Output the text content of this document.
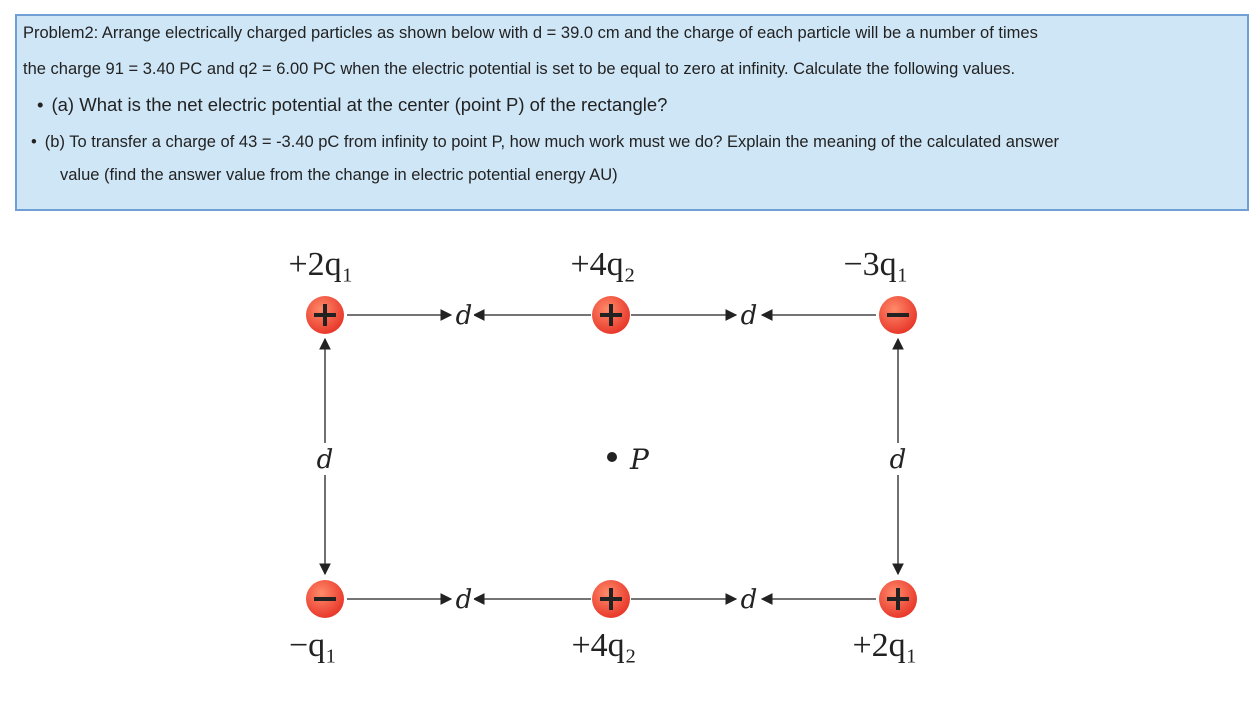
Problem2: Arrange electrically charged particles as shown below with d = 39.0 cm and the charge of each particle will be a number of times
the charge 91 = 3.40 PC and q2 = 6.00 PC when the electric potential is set to be equal to zero at infinity. Calculate the following values.
• (a) What is the net electric potential at the center (point P) of the rectangle?
• (b) To transfer a charge of 43 = -3.40 pC from infinity to point P, how much work must we do? Explain the meaning of the calculated answer
value (find the answer value from the change in electric potential energy AU)
d	d
d	d
d	d
P
+2q₁	+4q₂	−3q₁
−q₁	+4q₂	+2q₁
